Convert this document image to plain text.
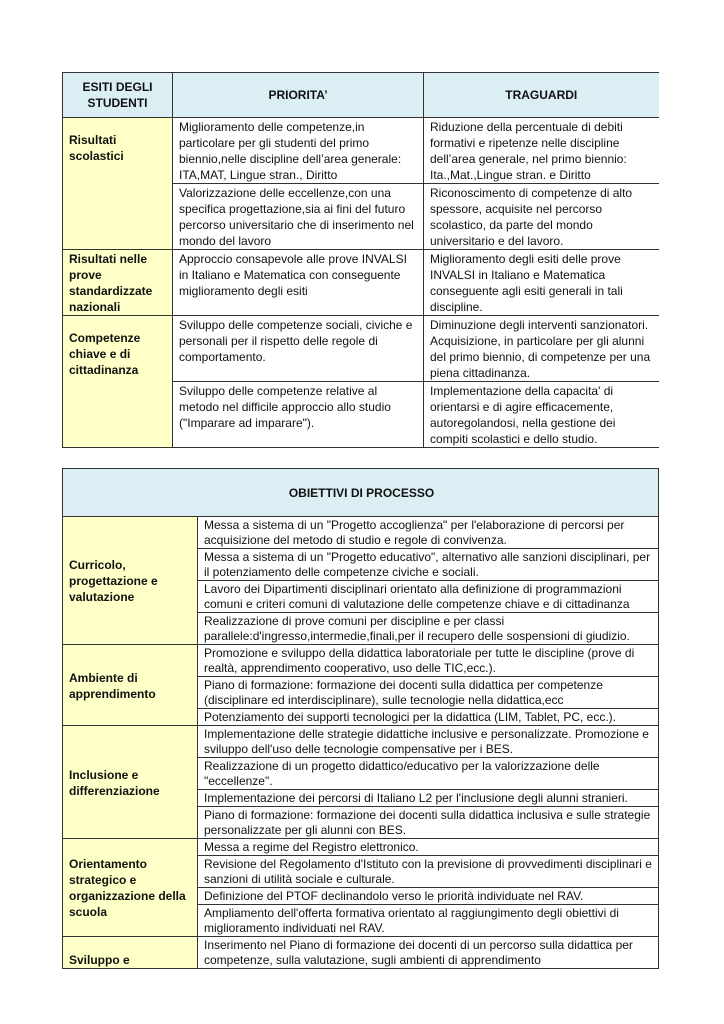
ESITI DEGLI STUDENTI	PRIORITA’	TRAGUARDI
Risultati scolastici	Miglioramento delle competenze,in particolare per gli studenti del primo biennio,nelle discipline dell’area generale: ITA,MAT, Lingue stran., Diritto	Riduzione della percentuale di debiti formativi e ripetenze nelle discipline dell’area generale, nel primo biennio: Ita.,Mat.,Lingue stran. e Diritto
	Valorizzazione delle eccellenze,con una specifica progettazione,sia ai fini del futuro percorso universitario che di inserimento nel mondo del lavoro	Riconoscimento di competenze di alto spessore, acquisite nel percorso scolastico, da parte del mondo universitario e del lavoro.
Risultati nelle prove standardizzate nazionali	Approccio consapevole alle prove INVALSI in Italiano e Matematica con conseguente miglioramento degli esiti	Miglioramento degli esiti delle prove INVALSI in Italiano e Matematica conseguente agli esiti generali in tali discipline.
Competenze chiave e di cittadinanza	Sviluppo delle competenze sociali, civiche e personali per il rispetto delle regole di comportamento.	Diminuzione degli interventi sanzionatori. Acquisizione, in particolare per gli alunni del primo biennio, di competenze per una piena cittadinanza.
	Sviluppo delle competenze relative al metodo nel difficile approccio allo studio ("Imparare ad imparare").	Implementazione della capacita' di orientarsi e di agire efficacemente, autoregolandosi, nella gestione dei compiti scolastici e dello studio.
OBIETTIVI DI PROCESSO	
Curricolo, progettazione e valutazione	Messa a sistema di un "Progetto accoglienza" per l'elaborazione di percorsi per acquisizione del metodo di studio e regole di convivenza.
	Messa a sistema di un "Progetto educativo", alternativo alle sanzioni disciplinari, per il potenziamento delle competenze civiche e sociali.
	Lavoro dei Dipartimenti disciplinari orientato alla definizione di programmazioni comuni e criteri comuni di valutazione delle competenze chiave e di cittadinanza
	Realizzazione di prove comuni per discipline e per classi parallele:d'ingresso,intermedie,finali,per il recupero delle sospensioni di giudizio.
Ambiente di apprendimento	Promozione e sviluppo della didattica laboratoriale per tutte le discipline (prove di realtà, apprendimento cooperativo, uso delle TIC,ecc.).
	Piano di formazione: formazione dei docenti sulla didattica per competenze (disciplinare ed interdisciplinare), sulle tecnologie nella didattica,ecc
	Potenziamento dei supporti tecnologici per la didattica (LIM, Tablet, PC, ecc.).
Inclusione e differenziazione	Implementazione delle strategie didattiche inclusive e personalizzate. Promozione e sviluppo dell'uso delle tecnologie compensative per i BES.
	Realizzazione di un progetto didattico/educativo per la valorizzazione delle "eccellenze".
	Implementazione dei percorsi di Italiano L2 per l'inclusione degli alunni stranieri.
	Piano di formazione: formazione dei docenti sulla didattica inclusiva e sulle strategie personalizzate per gli alunni con BES.
Orientamento strategico e organizzazione della scuola	Messa a regime del Registro elettronico.
	Revisione del Regolamento d'Istituto con la previsione di provvedimenti disciplinari e sanzioni di utilità sociale e culturale.
	Definizione del PTOF declinandolo verso le priorità individuate nel RAV.
	Ampliamento dell'offerta formativa orientato al raggiungimento degli obiettivi di miglioramento individuati nel RAV.
Sviluppo e	Inserimento nel Piano di formazione dei docenti di un percorso sulla didattica per competenze, sulla valutazione, sugli ambienti di apprendimento
